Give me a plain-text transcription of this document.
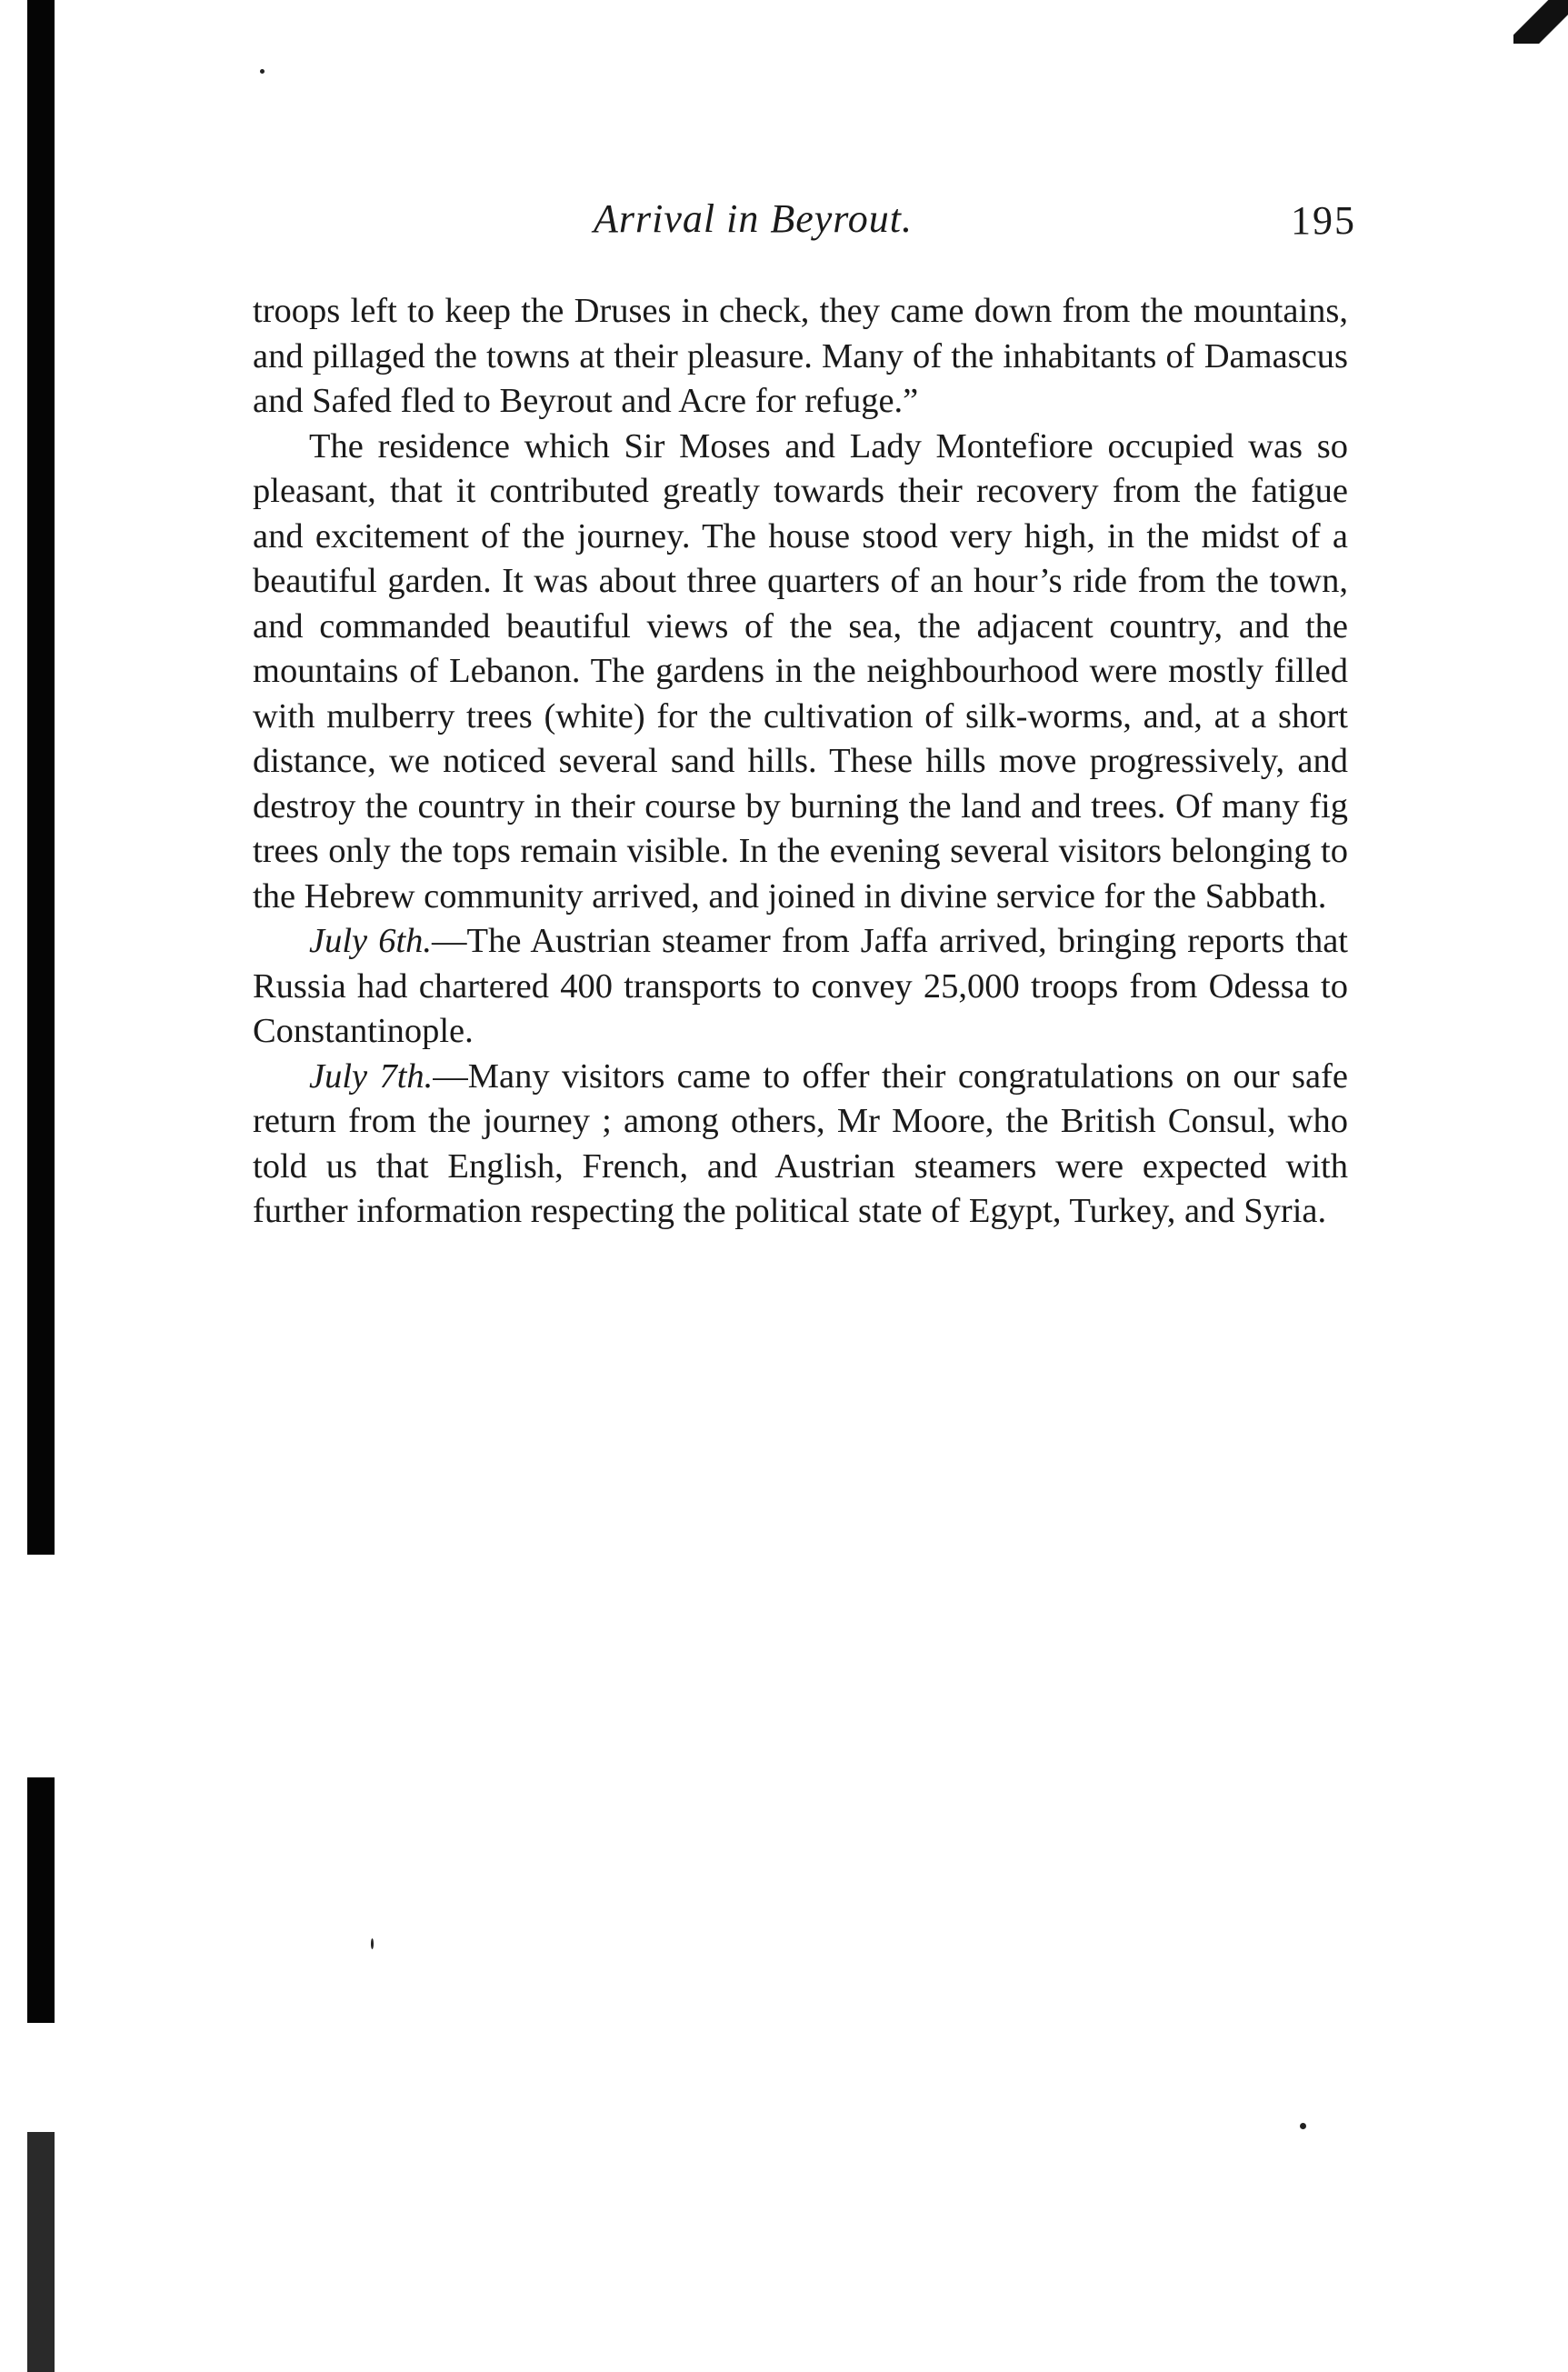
Arrival in Beyrout.	195

troops left to keep the Druses in check, they came down from the mountains, and pillaged the towns at their pleasure. Many of the inhabitants of Damascus and Safed fled to Beyrout and Acre for refuge.”

The residence which Sir Moses and Lady Montefiore occupied was so pleasant, that it contributed greatly towards their recovery from the fatigue and excitement of the journey. The house stood very high, in the midst of a beautiful garden. It was about three quarters of an hour’s ride from the town, and commanded beautiful views of the sea, the adjacent country, and the mountains of Lebanon. The gardens in the neighbourhood were mostly filled with mulberry trees (white) for the cultivation of silk-worms, and, at a short distance, we noticed several sand hills. These hills move progressively, and destroy the country in their course by burning the land and trees. Of many fig trees only the tops remain visible. In the evening several visitors belonging to the Hebrew community arrived, and joined in divine service for the Sabbath.

July 6th.—The Austrian steamer from Jaffa arrived, bringing reports that Russia had chartered 400 transports to convey 25,000 troops from Odessa to Constantinople.

July 7th.—Many visitors came to offer their congratulations on our safe return from the journey ; among others, Mr Moore, the British Consul, who told us that English, French, and Austrian steamers were expected with further information respecting the political state of Egypt, Turkey, and Syria.
